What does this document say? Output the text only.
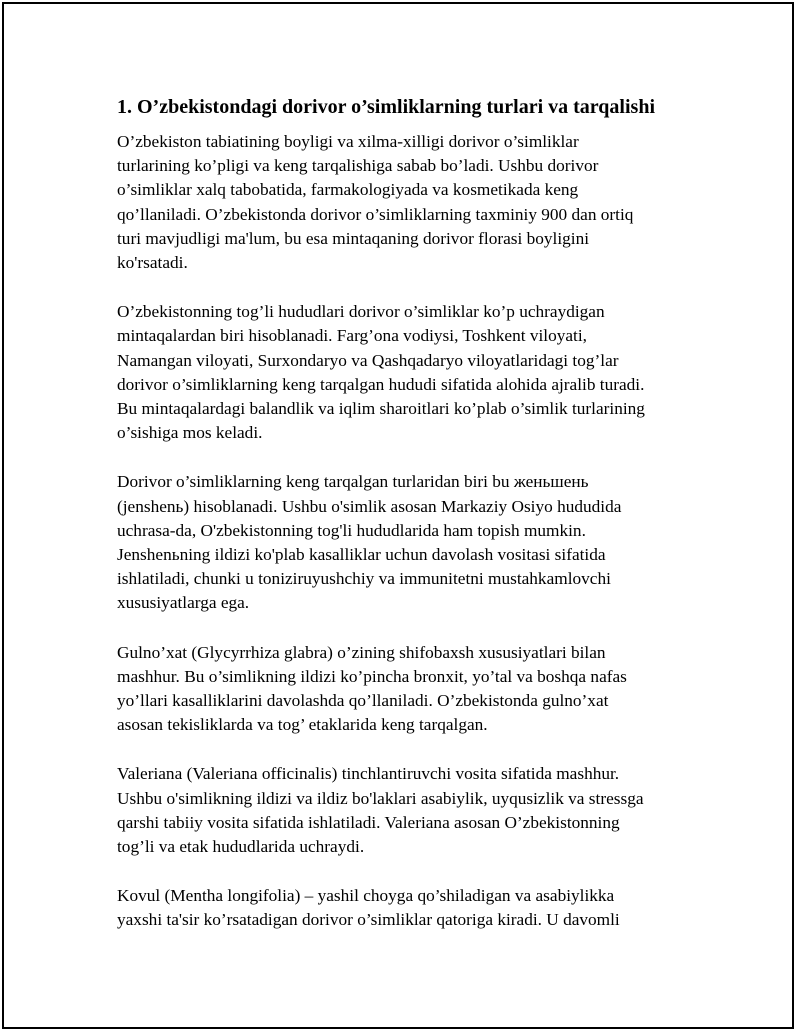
1. O’zbekistondagi dorivor o’simliklarning turlari va tarqalishi
O’zbekiston tabiatining boyligi va xilma-xilligi dorivor o’simliklar
turlarining ko’pligi va keng tarqalishiga sabab bo’ladi. Ushbu dorivor
o’simliklar xalq tabobatida, farmakologiyada va kosmetikada keng
qo’llaniladi. O’zbekistonda dorivor o’simliklarning taxminiy 900 dan ortiq
turi mavjudligi ma'lum, bu esa mintaqaning dorivor florasi boyligini
ko'rsatadi.
O’zbekistonning tog’li hududlari dorivor o’simliklar ko’p uchraydigan
mintaqalardan biri hisoblanadi. Farg’ona vodiysi, Toshkent viloyati,
Namangan viloyati, Surxondaryo va Qashqadaryo viloyatlaridagi tog’lar
dorivor o’simliklarning keng tarqalgan hududi sifatida alohida ajralib turadi.
Bu mintaqalardagi balandlik va iqlim sharoitlari ko’plab o’simlik turlarining
o’sishiga mos keladi.
Dorivor o’simliklarning keng tarqalgan turlaridan biri bu женьшень
(jenshenь) hisoblanadi. Ushbu o'simlik asosan Markaziy Osiyo hududida
uchrasa-da, O'zbekistonning tog'li hududlarida ham topish mumkin.
Jenshenьning ildizi ko'plab kasalliklar uchun davolash vositasi sifatida
ishlatiladi, chunki u toniziruyushchiy va immunitetni mustahkamlovchi
xususiyatlarga ega.
Gulno’xat (Glycyrrhiza glabra) o’zining shifobaxsh xususiyatlari bilan
mashhur. Bu o’simlikning ildizi ko’pincha bronxit, yo’tal va boshqa nafas
yo’llari kasalliklarini davolashda qo’llaniladi. O’zbekistonda gulno’xat
asosan tekisliklarda va tog’ etaklarida keng tarqalgan.
Valeriana (Valeriana officinalis) tinchlantiruvchi vosita sifatida mashhur.
Ushbu o'simlikning ildizi va ildiz bo'laklari asabiylik, uyqusizlik va stressga
qarshi tabiiy vosita sifatida ishlatiladi. Valeriana asosan O’zbekistonning
tog’li va etak hududlarida uchraydi.
Kovul (Mentha longifolia) – yashil choyga qo’shiladigan va asabiylikka
yaxshi ta'sir ko’rsatadigan dorivor o’simliklar qatoriga kiradi. U davomli
